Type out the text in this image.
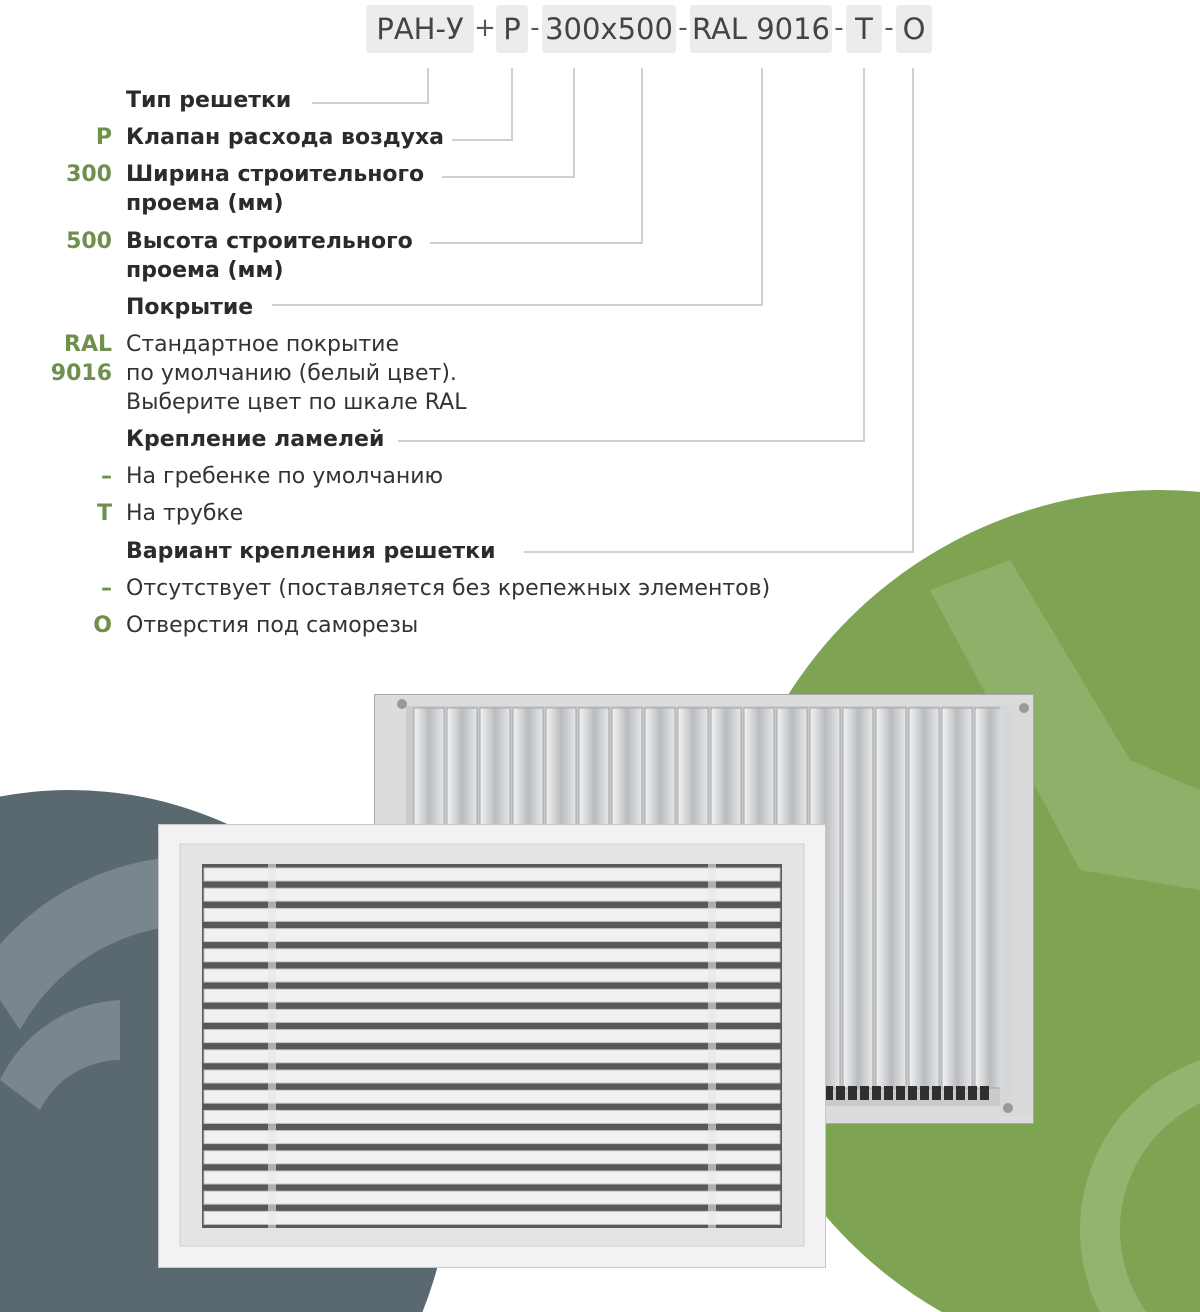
РАН-У + Р - 300x500 - RAL 9016 - Т - О
Тип решетки
Р Клапан расхода воздуха
300 Ширина строительного
проема (мм)
500 Высота строительного
проема (мм)
Покрытие
RAL
9016
Стандартное покрытие
по умолчанию (белый цвет).
Выберите цвет по шкале RAL
Крепление ламелей
– На гребенке по умолчанию
Т На трубке
Вариант крепления решетки
– Отсутствует (поставляется без крепежных элементов)
О Отверстия под саморезы
